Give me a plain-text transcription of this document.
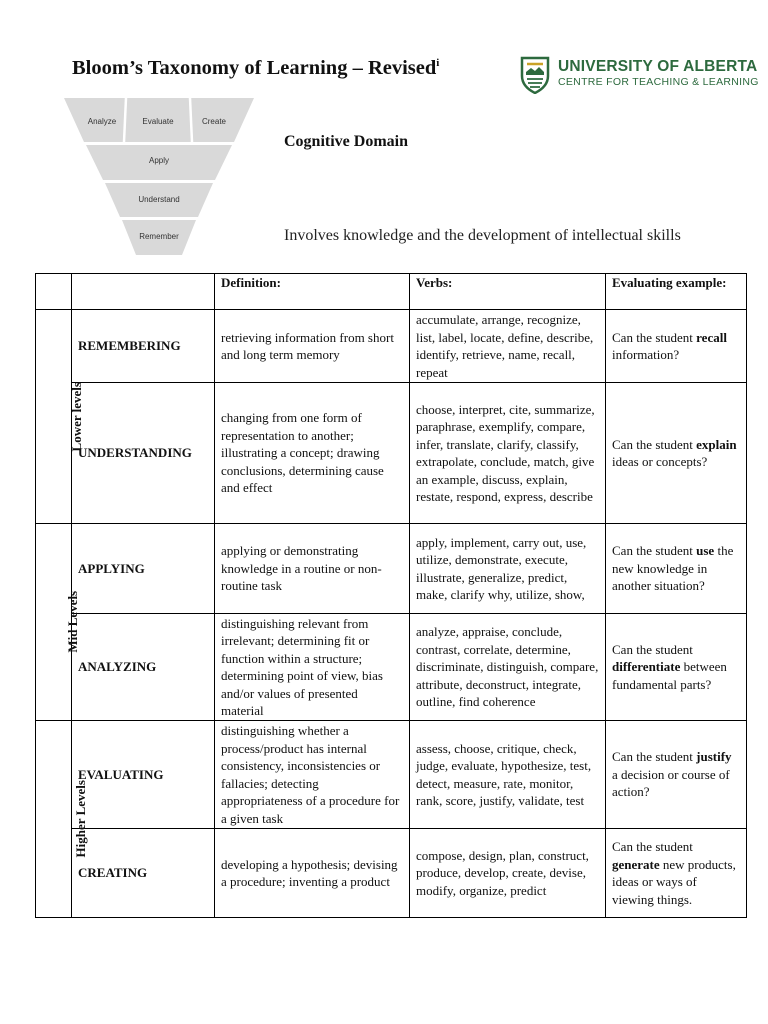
Bloom’s Taxonomy of Learning – Revised$^i$	UNIVERSITY OF ALBERTA
CENTRE FOR TEACHING & LEARNING
Analyze	Evaluate	Create
Apply
Understand
Remember
Cognitive Domain
Involves knowledge and the development of intellectual skills
		Definition:	Verbs:	Evaluating example:
Lower levels	REMEMBERING	retrieving information from short and long term memory	accumulate, arrange, recognize, list, label, locate, define, describe, identify, retrieve, name, recall, repeat	Can the student recall information?
	UNDERSTANDING	changing from one form of representation to another; illustrating a concept; drawing conclusions, determining cause and effect	choose, interpret, cite, summarize, paraphrase, exemplify, compare, infer, translate, clarify, classify, extrapolate, conclude, match, give an example, discuss, explain, restate, respond, express, describe	Can the student explain ideas or concepts?
Mid Levels	APPLYING	applying or demonstrating knowledge in a routine or non-routine task	apply, implement, carry out, use, utilize, demonstrate, execute, illustrate, generalize, predict, make, clarify why, utilize, show,	Can the student use the new knowledge in another situation?
	ANALYZING	distinguishing relevant from irrelevant; determining fit or function within a structure; determining point of view, bias and/or values of presented material	analyze, appraise, conclude, contrast, correlate, determine, discriminate, distinguish, compare, attribute, deconstruct, integrate, outline, find coherence	Can the student differentiate between fundamental parts?
Higher Levels	EVALUATING	distinguishing whether a process/product has internal consistency, inconsistencies or fallacies; detecting appropriateness of a procedure for a given task	assess, choose, critique, check, judge, evaluate, hypothesize, test, detect, measure, rate, monitor, rank, score, justify, validate, test	Can the student justify a decision or course of action?
	CREATING	developing a hypothesis; devising a procedure; inventing a product	compose, design, plan, construct, produce, develop, create, devise, modify, organize, predict	Can the student generate new products, ideas or ways of viewing things.
